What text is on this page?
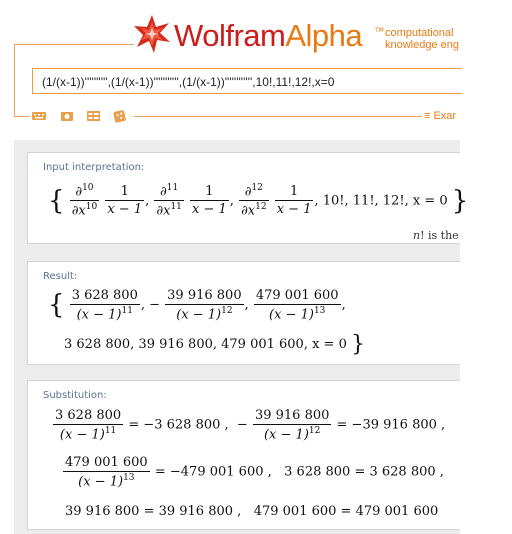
WolframAlpha TM computational
knowledge eng
(1/(x-1))'''''''''',(1/(x-1))''''''''''',(1/(x-1))'''''''''''',10!,11!,12!,x=0
≡ Exar
Input interpretation:
{ $\frac{\partial^{10}}{\partial x^{10}}$
$\frac{1}{x - 1}$ , $\frac{\partial^{11}}{\partial x^{11}}$
$\frac{1}{x - 1}$ , $\frac{\partial^{12}}{\partial x^{12}}$
$\frac{1}{x - 1}$ , 10!, 11!, 12!, x = 0 }
n! is the
Result:
{ $\frac{3 628 800}{(x - 1)^{11}}$ , − $\frac{39 916 800}{(x - 1)^{12}}$ , $\frac{479 001 600}{(x - 1)^{13}}$ ,
3 628 800, 39 916 800, 479 001 600, x = 0 }
Substitution:
$\frac{3 628 800}{(x - 1)^{11}} = -3$ 628 800 ,  − $\frac{39 916 800}{(x - 1)^{12}} = -39$ 916 800 ,
$\frac{479 001 600}{(x - 1)^{13}} = -479$ 001 600 , 3 628 800 = 3 628 800 ,
39 916 800 = 39 916 800 , 479 001 600 = 479 001 600
